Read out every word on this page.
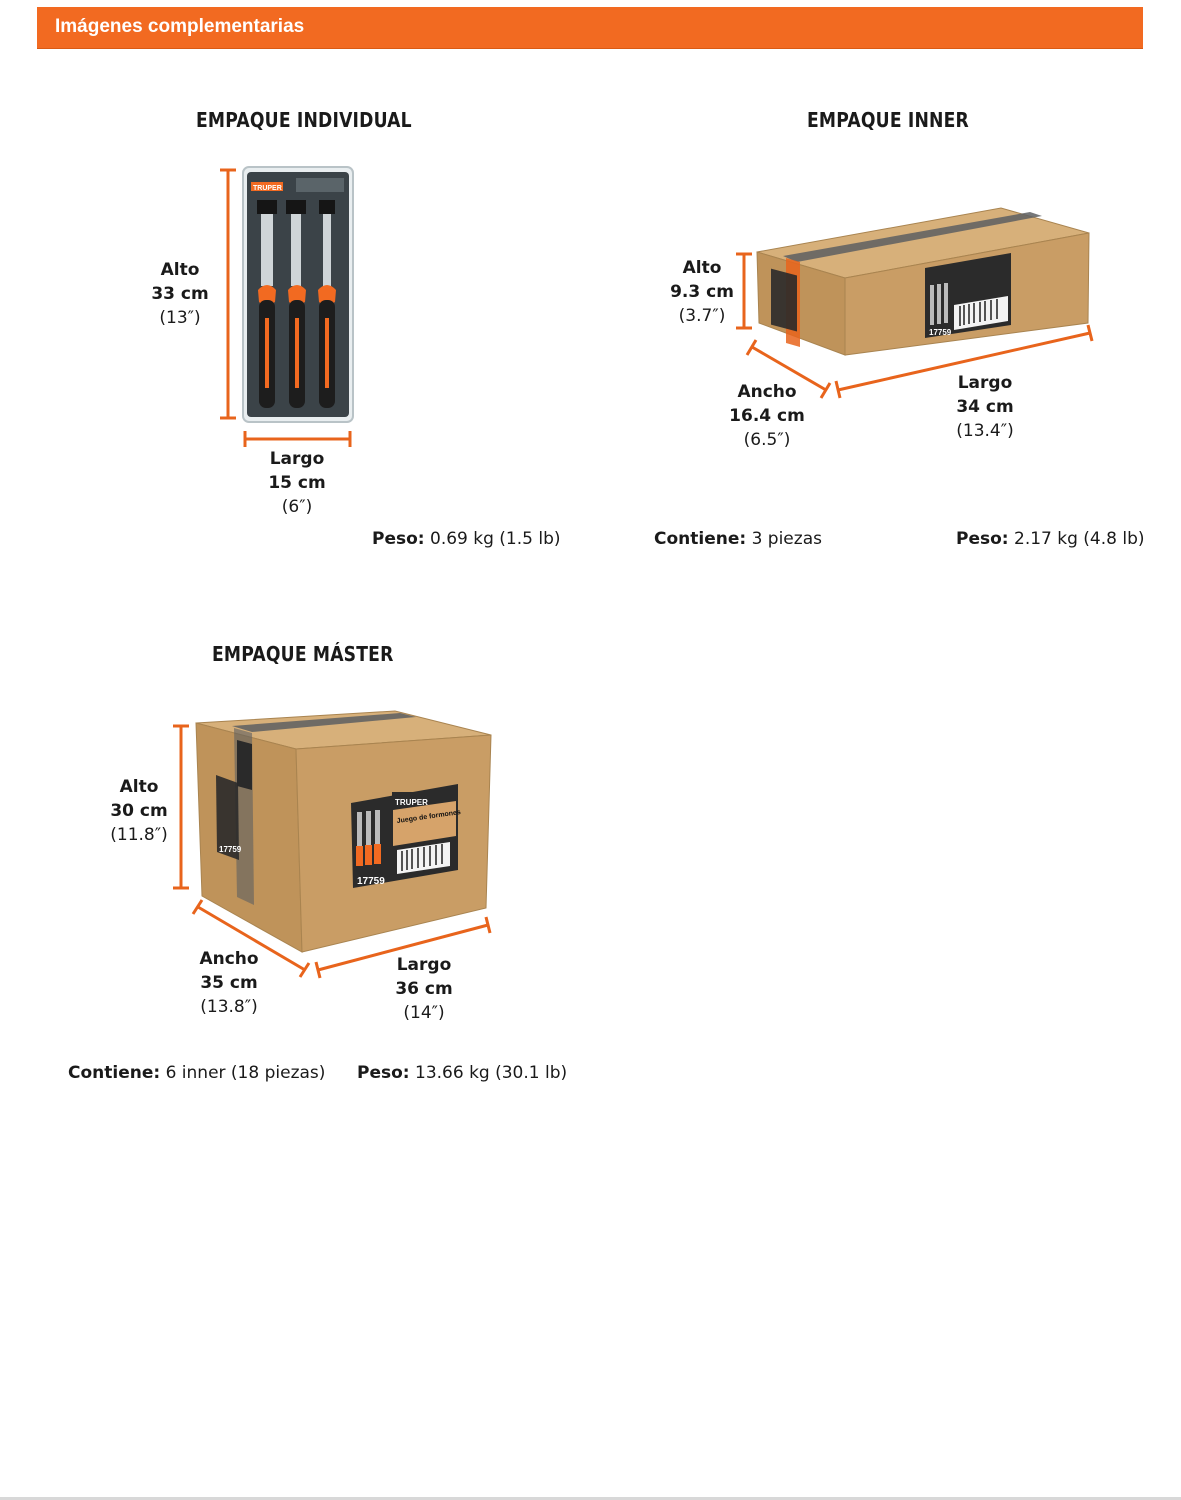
Imágenes complementarias
EMPAQUE INDIVIDUAL	EMPAQUE INNER
EMPAQUE MÁSTER
TRUPER
17759
17759
TRUPER
Juego de formones
17759
Alto
33 cm
(13″)
Largo
15 cm
(6″)
Peso: 0.69 kg (1.5 lb)
Alto
9.3 cm
(3.7″)
Ancho
16.4 cm
(6.5″)
Largo
34 cm
(13.4″)
Contiene: 3 piezas	Peso: 2.17 kg (4.8 lb)
Alto
30 cm
(11.8″)
Ancho
35 cm
(13.8″)
Largo
36 cm
(14″)
Contiene: 6 inner (18 piezas) Peso: 13.66 kg (30.1 lb)
